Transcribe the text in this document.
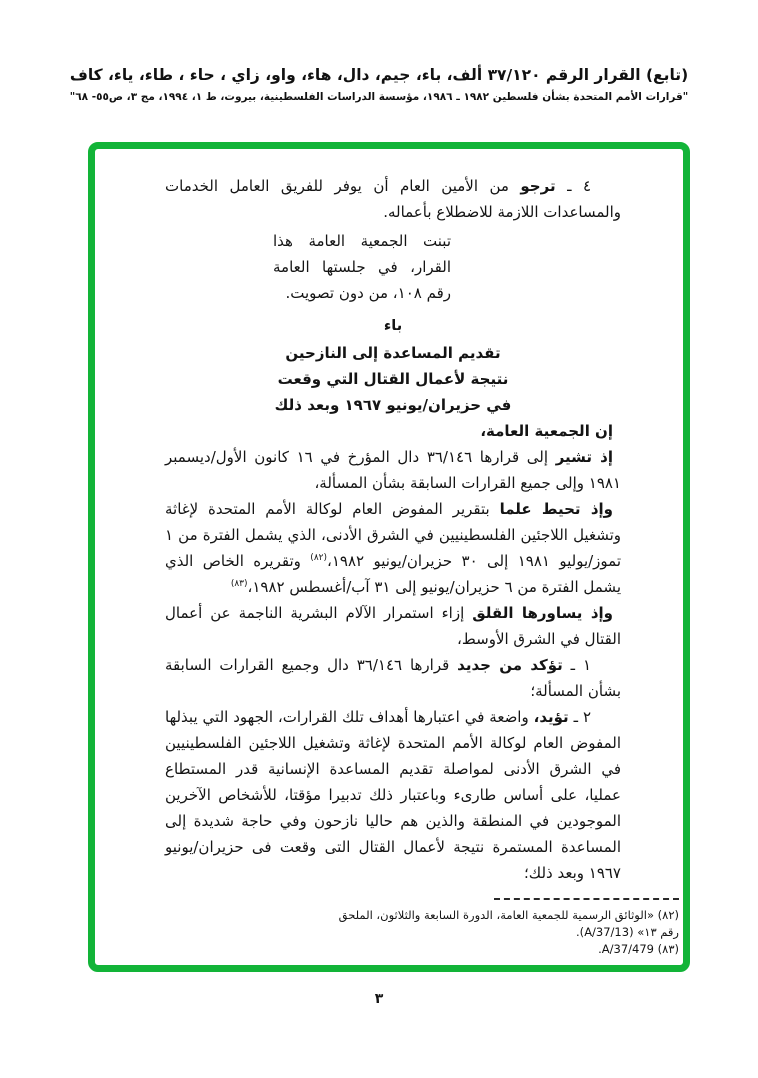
(تابع) القرار الرقم ٣٧/١٢٠ ألف، باء، جيم، دال، هاء، واو، زاي ، حاء ، طاء، ياء، كاف
"قرارات الأمم المتحدة بشأن فلسطين ١٩٨٢ ـ ١٩٨٦، مؤسسة الدراسات الفلسطينية، بيروت، ط ١، ١٩٩٤، مج ٣، ص٥٥- ٦٨"

٤ ـ ترجو من الأمين العام أن يوفر للفريق العامل الخدمات والمساعدات اللازمة للاضطلاع بأعماله.

تبنت الجمعية العامة هذا القرار، في جلستها العامة رقم ١٠٨، من دون تصويت.
باء
تقديم المساعدة إلى النازحين
نتيجة لأعمال القتال التي وقعت
في حزيران/يونيو ١٩٦٧ وبعد ذلك

إن الجمعية العامة،

إذ تشير إلى قرارها ٣٦/١٤٦ دال المؤرخ في ١٦ كانون الأول/ديسمبر ١٩٨١ وإلى جميع القرارات السابقة بشأن المسألة،

وإذ تحيط علما بتقرير المفوض العام لوكالة الأمم المتحدة لإغاثة وتشغيل اللاجئين الفلسطينيين في الشرق الأدنى، الذي يشمل الفترة من ١ تموز/يوليو ١٩٨١ إلى ٣٠ حزيران/يونيو ١٩٨٢،$^{(٨٢)}$ وتقريره الخاص الذي يشمل الفترة من ٦ حزيران/يونيو إلى ٣١ آب/أغسطس ١٩٨٢،$^{(٨٣)}$

وإذ يساورها القلق إزاء استمرار الآلام البشرية الناجمة عن أعمال القتال في الشرق الأوسط،

١ ـ تؤكد من جديد قرارها ٣٦/١٤٦ دال وجميع القرارات السابقة بشأن المسألة؛

٢ ـ تؤيد، واضعة في اعتبارها أهداف تلك القرارات، الجهود التي يبذلها المفوض العام لوكالة الأمم المتحدة لإغاثة وتشغيل اللاجئين الفلسطينيين في الشرق الأدنى لمواصلة تقديم المساعدة الإنسانية قدر المستطاع عمليا، على أساس طارىء وباعتبار ذلك تدبيرا مؤقتا، للأشخاص الآخرين الموجودين في المنطقة والذين هم حاليا نازحون وفي حاجة شديدة إلى المساعدة المستمرة نتيجة لأعمال القتال التى وقعت فى حزيران/يونيو ١٩٦٧ وبعد ذلك؛

(٨٢) «الوثائق الرسمية للجمعية العامة، الدورة السابعة والثلاثون، الملحق رقم ١٣» (A/37/13).

(٨٣) A/37/479.

٣
